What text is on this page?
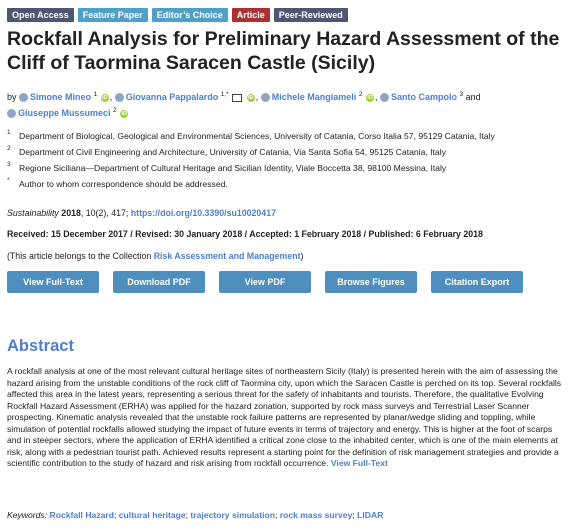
Open Access	Feature Paper	Editor’s Choice	Article	Peer-Reviewed
Rockfall Analysis for Preliminary Hazard Assessment of the Cliff of Taormina Saracen Castle (Sicily)
by Simone Mineo $^1$ iD , Giovanna Pappalardo $^{1,*}$	iD , Michele Mangiameli $^2$ iD , Santo Campolo $^3$ and
Giuseppe Mussumeci $^2$ iD
1 Department of Biological, Geological and Environmental Sciences, University of Catania, Corso Italia 57, 95129 Catania, Italy
2 Department of Civil Engineering and Architecture, University of Catania, Via Santa Sofia 54, 95125 Catania, Italy
3 Regione Siciliana—Department of Cultural Heritage and Sicilian Identity, Viale Boccetta 38, 98100 Messina, Italy
* Author to whom correspondence should be addressed.
Sustainability 2018, 10(2), 417; https://doi.org/10.3390/su10020417
Received: 15 December 2017 / Revised: 30 January 2018 / Accepted: 1 February 2018 / Published: 6 February 2018
(This article belongs to the Collection Risk Assessment and Management)
View Full-Text	Download PDF	View PDF	Browse Figures	Citation Export
Abstract

A rockfall analysis at one of the most relevant cultural heritage sites of northeastern Sicily (Italy) is presented herein with the aim of assessing the hazard arising from the unstable conditions of the rock cliff of Taormina city, upon which the Saracen Castle is perched on its top. Several rockfalls affected this area in the latest years, representing a serious threat for the safety of inhabitants and tourists. Therefore, the qualitative Evolving Rockfall Hazard Assessment (ERHA) was applied for the hazard zonation, supported by rock mass surveys and Terrestrial Laser Scanner prospecting. Kinematic analysis revealed that the unstable rock failure patterns are represented by planar/wedge sliding and toppling, while simulation of potential rockfalls allowed studying the impact of future events in terms of trajectory and energy. This is higher at the foot of scarps and in steeper sectors, where the application of ERHA identified a critical zone close to the inhabited center, which is one of the main elements at risk, along with a pedestrian tourist path. Achieved results represent a starting point for the definition of risk management strategies and provide a scientific contribution to the study of hazard and risk arising from rockfall occurrence. View Full-Text

Keywords: Rockfall Hazard; cultural heritage; trajectory simulation; rock mass survey; LIDAR
